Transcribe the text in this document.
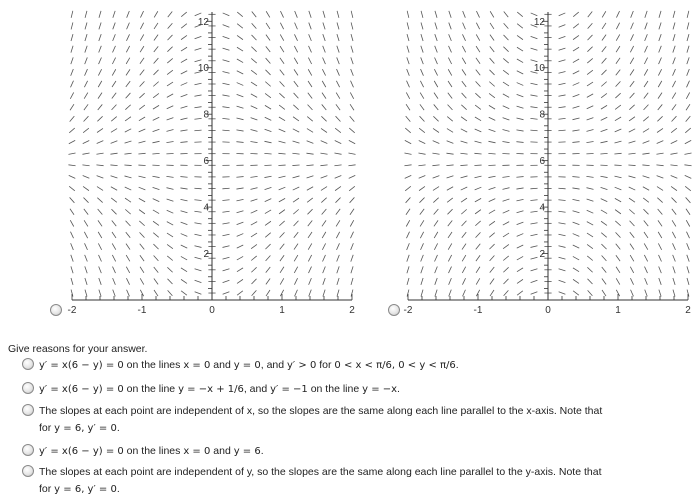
-2	-1	0	1	2
2
4
6
8
10
12
-2	-1	0	1	2
2
4
6
8
10
12
Give reasons for your answer.
y′ = x(6 − y) = 0 on the lines x = 0 and y = 0, and y′ > 0 for 0 < x < π/6, 0 < y < π/6.
y′ = x(6 − y) = 0 on the line y = −x + 1/6, and y′ = −1 on the line y = −x.
The slopes at each point are independent of x, so the slopes are the same along each line parallel to the x-axis. Note that
for y = 6, y′ = 0.
y′ = x(6 − y) = 0 on the lines x = 0 and y = 6.
The slopes at each point are independent of y, so the slopes are the same along each line parallel to the y-axis. Note that
for y = 6, y′ = 0.
